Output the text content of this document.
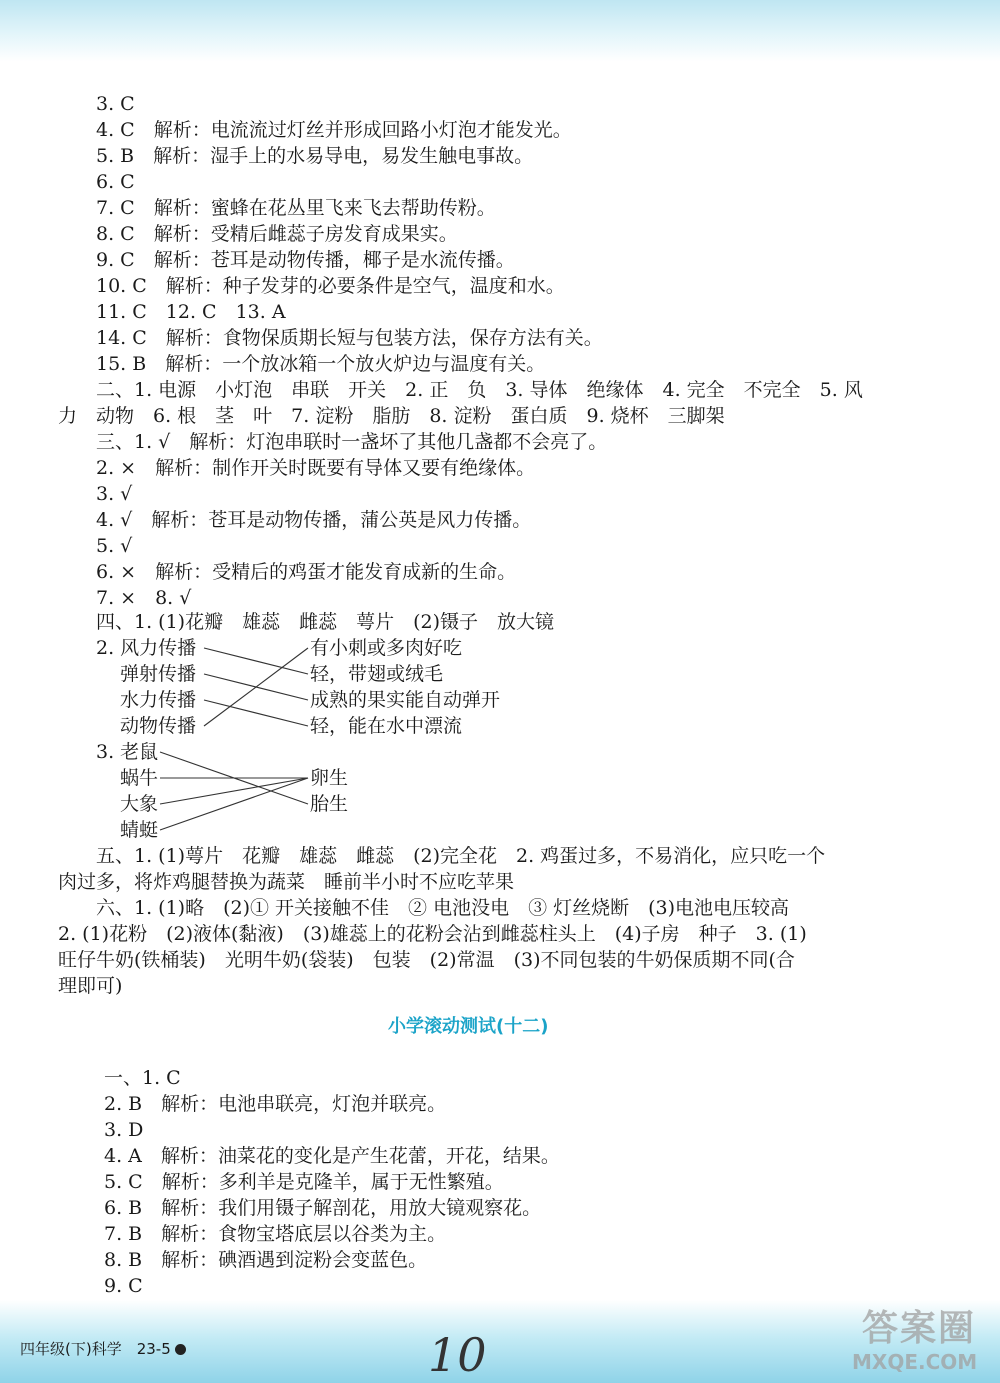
3. C
4. C　解析：电流流过灯丝并形成回路小灯泡才能发光。
5. B　解析：湿手上的水易导电，易发生触电事故。
6. C
7. C　解析：蜜蜂在花丛里飞来飞去帮助传粉。
8. C　解析：受精后雌蕊子房发育成果实。
9. C　解析：苍耳是动物传播，椰子是水流传播。
10. C　解析：种子发芽的必要条件是空气，温度和水。
11. C　12. C　13. A
14. C　解析：食物保质期长短与包装方法，保存方法有关。
15. B　解析：一个放冰箱一个放火炉边与温度有关。
二、1. 电源　小灯泡　串联　开关　2. 正　负　3. 导体　绝缘体　4. 完全　不完全　5. 风
力　动物　6. 根　茎　叶　7. 淀粉　脂肪　8. 淀粉　蛋白质　9. 烧杯　三脚架
三、1. √　解析：灯泡串联时一盏坏了其他几盏都不会亮了。
2. ×　解析：制作开关时既要有导体又要有绝缘体。
3. √
4. √　解析：苍耳是动物传播，蒲公英是风力传播。
5. √
6. ×　解析：受精后的鸡蛋才能发育成新的生命。
7. ×　8. √
四、1. (1)花瓣　雄蕊　雌蕊　萼片　(2)镊子　放大镜
2. 风力传播
弹射传播
水力传播
动物传播
有小刺或多肉好吃
轻，带翅或绒毛
成熟的果实能自动弹开
轻，能在水中漂流
3. 老鼠
蜗牛
大象
蜻蜓
卵生
胎生
五、1. (1)萼片　花瓣　雄蕊　雌蕊　(2)完全花　2. 鸡蛋过多，不易消化，应只吃一个
肉过多，将炸鸡腿替换为蔬菜　睡前半小时不应吃苹果
六、1. (1)略　(2)① 开关接触不佳　② 电池没电　③ 灯丝烧断　(3)电池电压较高
2. (1)花粉　(2)液体(黏液)　(3)雄蕊上的花粉会沾到雌蕊柱头上　(4)子房　种子　3. (1)
旺仔牛奶(铁桶装)　光明牛奶(袋装)　包装　(2)常温　(3)不同包装的牛奶保质期不同(合
理即可)
小学滚动测试(十二)
一、1. C
2. B　解析：电池串联亮，灯泡并联亮。
3. D
4. A　解析：油菜花的变化是产生花蕾，开花，结果。
5. C　解析：多利羊是克隆羊，属于无性繁殖。
6. B　解析：我们用镊子解剖花，用放大镜观察花。
7. B　解析：食物宝塔底层以谷类为主。
8. B　解析：碘酒遇到淀粉会变蓝色。
9. C
四年级(下)科学　23-5	10	答案圈
MXQE.COM
